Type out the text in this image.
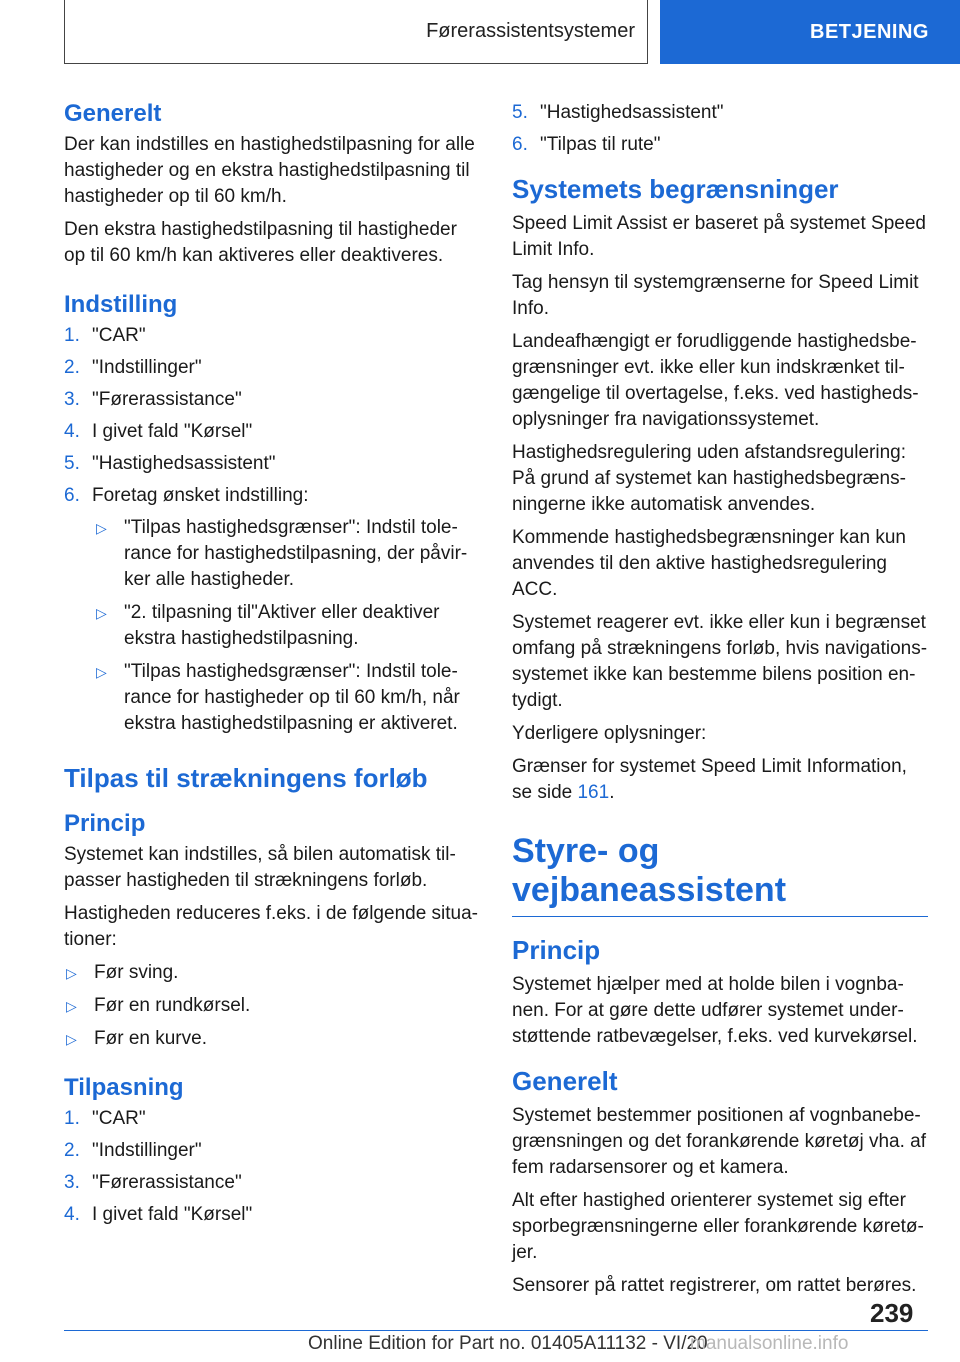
Førerassistentsystemer	BETJENING
Generelt

Der kan indstilles en hastighedstilpasning for alle hastigheder og en ekstra hastighedstilpasning til hastigheder op til 60 km/h.

Den ekstra hastighedstilpasning til hastigheder op til 60 km/h kan aktiveres eller deaktiveres.

Indstilling
1. "CAR"
2. "Indstillinger"
3. "Førerassistance"
4. I givet fald "Kørsel"
5. "Hastighedsassistent"
6. Foretag ønsket indstilling:
▷ "Tilpas hastighedsgrænser": Indstil tole‐rance for hastighedstilpasning, der påvir‐ker alle hastigheder.
▷ "2. tilpasning til"Aktiver eller deaktiver ekstra hastighedstilpasning.
▷ "Tilpas hastighedsgrænser": Indstil tole‐rance for hastigheder op til 60 km/h, når ekstra hastighedstilpasning er aktiveret.
Tilpas til strækningens forløb
Princip

Systemet kan indstilles, så bilen automatisk til‐passer hastigheden til strækningens forløb.

Hastigheden reduceres f.eks. i de følgende situa‐tioner:

▷ Før sving.
▷ Før en rundkørsel.
▷ Før en kurve.
Tilpasning
1. "CAR"
2. "Indstillinger"
3. "Førerassistance"
4. I givet fald "Kørsel"
5. "Hastighedsassistent"
6. "Tilpas til rute"
Systemets begrænsninger

Speed Limit Assist er baseret på systemet Speed Limit Info.

Tag hensyn til systemgrænserne for Speed Limit Info.

Landeafhængigt er forudliggende hastighedsbe‐grænsninger evt. ikke eller kun indskrænket til‐gængelige til overtagelse, f.eks. ved hastigheds‐oplysninger fra navigationssystemet.

Hastighedsregulering uden afstandsregulering: På grund af systemet kan hastighedsbegræns‐ningerne ikke automatisk anvendes.

Kommende hastighedsbegrænsninger kan kun anvendes til den aktive hastighedsregulering ACC.

Systemet reagerer evt. ikke eller kun i begrænset omfang på strækningens forløb, hvis navigations‐systemet ikke kan bestemme bilens position en‐tydigt.

Yderligere oplysninger:

Grænser for systemet Speed Limit Information, se side 161.

Styre- og vejbaneassistent
Princip

Systemet hjælper med at holde bilen i vognba‐nen. For at gøre dette udfører systemet under‐støttende ratbevægelser, f.eks. ved kurvekørsel.

Generelt

Systemet bestemmer positionen af vognbanebe‐grænsningen og det forankørende køretøj vha. af fem radarsensorer og et kamera.

Alt efter hastighed orienterer systemet sig efter sporbegrænsningerne eller forankørende køretø‐jer.

Sensorer på rattet registrerer, om rattet berøres.

239
Online Edition for Part no. 01405A11132 - VI/20
manualsonline.info
